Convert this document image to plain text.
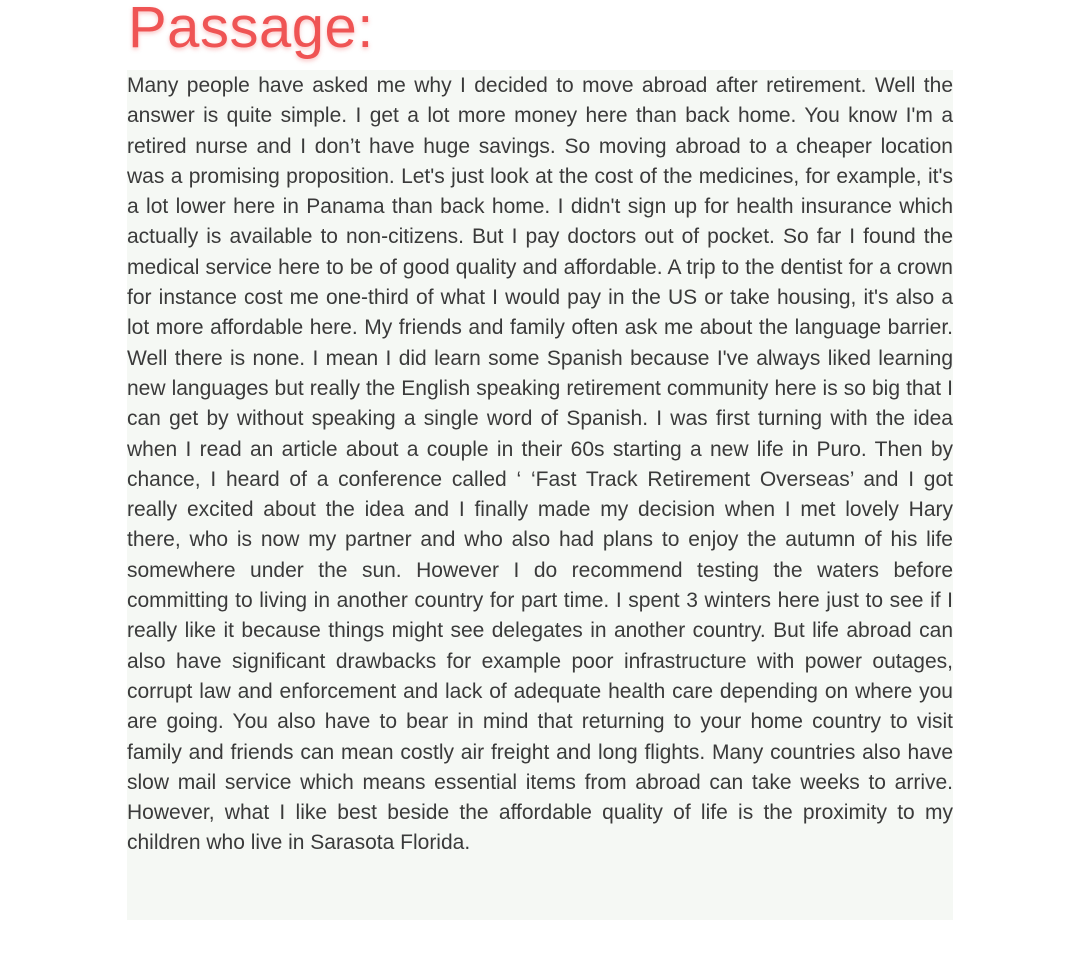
Passage:

Many people have asked me why I decided to move abroad after retirement. Well the answer is quite simple. I get a lot more money here than back home. You know I'm a retired nurse and I don’t have huge savings. So moving abroad to a cheaper location was a promising proposition. Let's just look at the cost of the medicines, for example, it's a lot lower here in Panama than back home. I didn't sign up for health insurance which actually is available to non-citizens. But I pay doctors out of pocket. So far I found the medical service here to be of good quality and affordable. A trip to the dentist for a crown for instance cost me one-third of what I would pay in the US or take housing, it's also a lot more affordable here. My friends and family often ask me about the language barrier. Well there is none. I mean I did learn some Spanish because I've always liked learning new languages but really the English speaking retirement community here is so big that I can get by without speaking a single word of Spanish. I was first turning with the idea when I read an article about a couple in their 60s starting a new life in Puro. Then by chance, I heard of a conference called ‘ ‘Fast Track Retirement Overseas’ and I got really excited about the idea and I finally made my decision when I met lovely Hary there, who is now my partner and who also had plans to enjoy the autumn of his life somewhere under the sun. However I do recommend testing the waters before committing to living in another country for part time. I spent 3 winters here just to see if I really like it because things might see delegates in another country. But life abroad can also have significant drawbacks for example poor infrastructure with power outages, corrupt law and enforcement and lack of adequate health care depending on where you are going. You also have to bear in mind that returning to your home country to visit family and friends can mean costly air freight and long flights. Many countries also have slow mail service which means essential items from abroad can take weeks to arrive. However, what I like best beside the affordable quality of life is the proximity to my children who live in Sarasota Florida.
